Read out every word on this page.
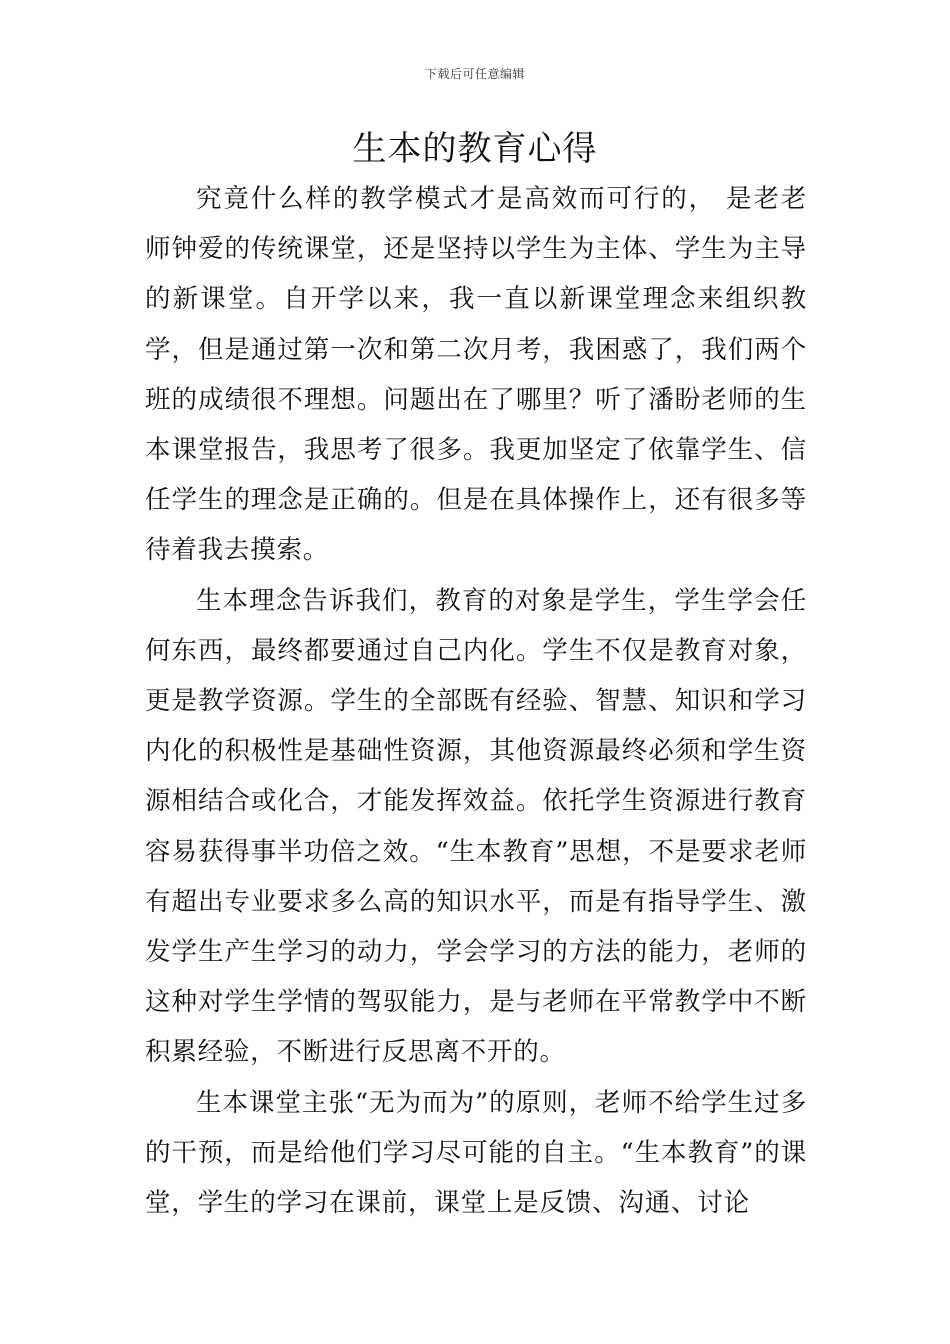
下载后可任意编辑
生本的教育心得

究竟什么样的教学模式才是高效而可行的， 是老老师钟爱的传统课堂，还是坚持以学生为主体、学生为主导的新课堂。自开学以来，我一直以新课堂理念来组织教学，但是通过第一次和第二次月考，我困惑了，我们两个班的成绩很不理想。问题出在了哪里？听了潘盼老师的生本课堂报告，我思考了很多。我更加坚定了依靠学生、信任学生的理念是正确的。但是在具体操作上，还有很多等待着我去摸索。

生本理念告诉我们，教育的对象是学生，学生学会任何东西，最终都要通过自己内化。学生不仅是教育对象，更是教学资源。学生的全部既有经验、智慧、知识和学习内化的积极性是基础性资源，其他资源最终必须和学生资源相结合或化合，才能发挥效益。依托学生资源进行教育容易获得事半功倍之效。“生本教育”思想，不是要求老师有超出专业要求多么高的知识水平，而是有指导学生、激发学生产生学习的动力，学会学习的方法的能力，老师的这种对学生学情的驾驭能力，是与老师在平常教学中不断积累经验，不断进行反思离不开的。

生本课堂主张“无为而为”的原则，老师不给学生过多的干预，而是给他们学习尽可能的自主。“生本教育”的课堂，学生的学习在课前，课堂上是反馈、沟通、讨论
